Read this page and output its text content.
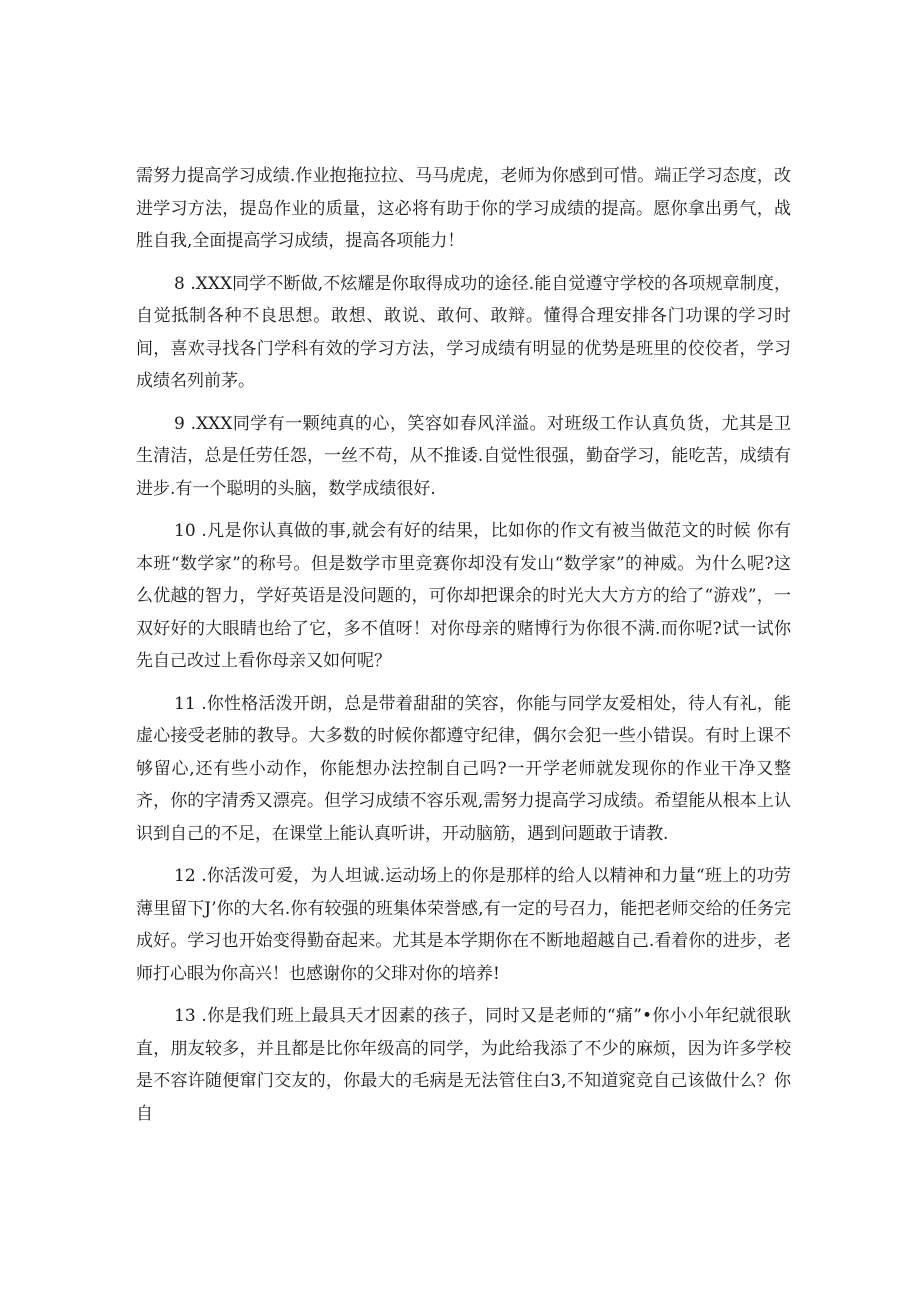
需努力提高学习成绩.作业抱拖拉拉、马马虎虎，老师为你感到可惜。端正学习态度，改进学习方法，提岛作业的质量，这必将有助于你的学习成绩的提高。愿你拿出勇气，战胜自我,全面提高学习成绩，提高各项能力！

8 .XXX同学不断做,不炫耀是你取得成功的途径.能自觉遵守学校的各项规章制度，自觉抵制各种不良思想。敢想、敢说、敢何、敢辩。懂得合理安排各门功课的学习时间，喜欢寻找各门学科有效的学习方法，学习成绩有明显的优势是班里的佼佼者，学习成绩名列前茅。

9 .XXX同学有一颗纯真的心，笑容如春风洋溢。对班级工作认真负货，尤其是卫生清洁，总是任劳任怨，一丝不苟，从不推诿.自觉性很强，勤奋学习，能吃苦，成绩有进步.有一个聪明的头脑，数学成绩很好.

10 .凡是你认真做的事,就会有好的结果，比如你的作文有被当做范文的时候 你有本班“数学家”的称号。但是数学市里竞赛你却没有发山“数学家”的神威。为什么呢?这么优越的智力，学好英语是没问题的，可你却把课余的时光大大方方的给了“游戏”，一双好好的大眼睛也给了它，多不值呀！对你母亲的赌博行为你很不满.而你呢?试一试你先自己改过上看你母亲又如何呢？

11 .你性格活泼开朗，总是带着甜甜的笑容，你能与同学友爱相处，待人有礼，能虚心接受老肺的教导。大多数的时候你都遵守纪律，偶尔会犯一些小错误。有时上课不够留心,还有些小动作，你能想办法控制自己吗?一开学老师就发现你的作业干净又整齐，你的字清秀又漂亮。但学习成绩不容乐观,需努力提高学习成绩。希望能从根本上认识到自己的不足，在课堂上能认真听讲，开动脑筋，遇到问题敢于请教.

12 .你活泼可爱，为人坦诚.运动场上的你是那样的给人以精神和力量“班上的功劳薄里留下J’你的大名.你有较强的班集体荣誉感,有一定的号召力，能把老师交给的任务完成好。学习也开始变得勤奋起来。尤其是本学期你在不断地超越自己.看着你的进步，老师打心眼为你高兴！也感谢你的父琲对你的培养!

13 .你是我们班上最具天才因素的孩子，同时又是老师的“痛”•你小小年纪就很耿直，朋友较多，并且都是比你年级高的同学，为此给我添了不少的麻烦，因为许多学校是不容许随便窜门交友的，你最大的毛病是无法管住白3,不知道窕竞自己该做什么？你自
